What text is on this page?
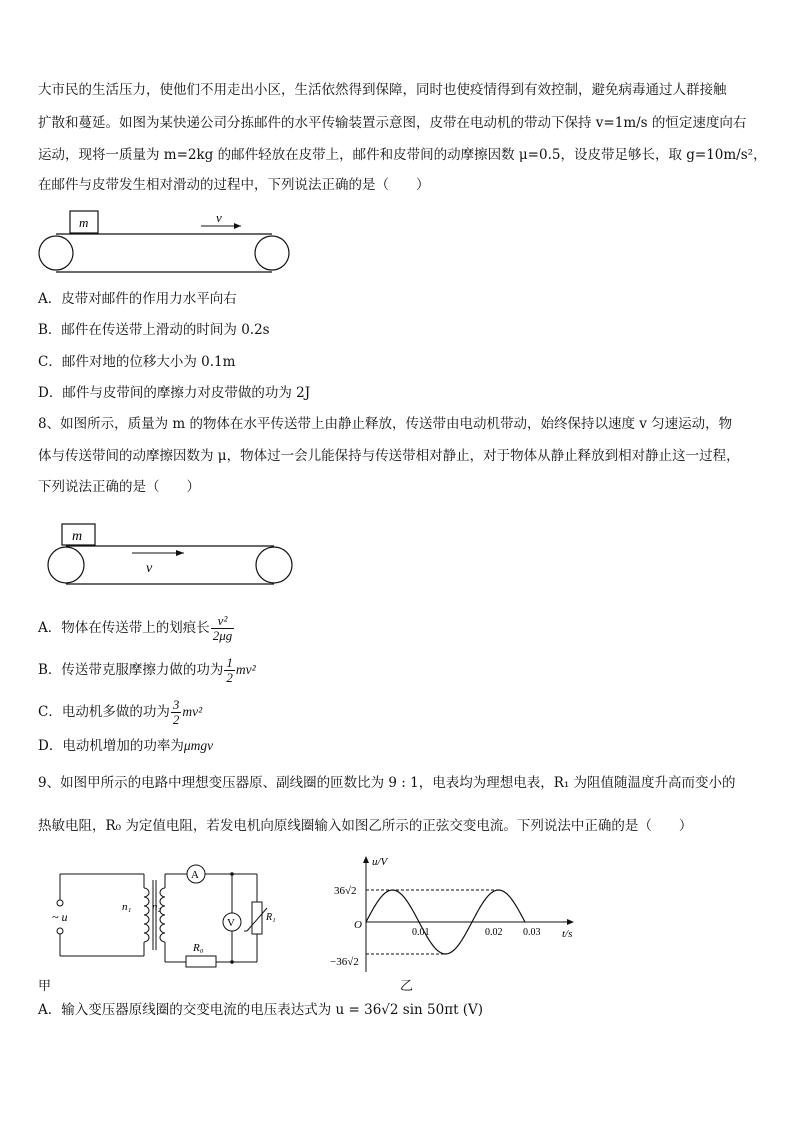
大市民的生活压力，使他们不用走出小区，生活依然得到保障，同时也使疫情得到有效控制，避免病毒通过人群接触
扩散和蔓延。如图为某快递公司分拣邮件的水平传输装置示意图，皮带在电动机的带动下保持 v=1m/s 的恒定速度向右
运动，现将一质量为 m=2kg 的邮件轻放在皮带上，邮件和皮带间的动摩擦因数 μ=0.5，设皮带足够长，取 g=10m/s²，
在邮件与皮带发生相对滑动的过程中，下列说法正确的是（　　）
m	v
A．皮带对邮件的作用力水平向右
B．邮件在传送带上滑动的时间为 0.2s
C．邮件对地的位移大小为 0.1m
D．邮件与皮带间的摩擦力对皮带做的功为 2J
8、如图所示，质量为 m 的物体在水平传送带上由静止释放，传送带由电动机带动，始终保持以速度 v 匀速运动，物
体与传送带间的动摩擦因数为 μ，物体过一会儿能保持与传送带相对静止，对于物体从静止释放到相对静止这一过程，
下列说法正确的是（　　）
m
v
A．物体在传送带上的划痕长 $\frac{\text{v²}}{2\mu g}$
B．传送带克服摩擦力做的功为 $\frac{1}{2} mv^2$
C．电动机多做的功为 $\frac{3}{2} mv^2$
D．电动机增加的功率为μmgv
9、如图甲所示的电路中理想变压器原、副线圈的匝数比为 9 : 1，电表均为理想电表，R₁ 为阻值随温度升高而变小的
热敏电阻，R₀ 为定值电阻，若发电机向原线圈输入如图乙所示的正弦交变电流。下列说法中正确的是（　　）
~ u
n₁ n₂
A
R₀
V	R₁
甲
u/V
t/s
O
36√2
−36√2
0.01	0.02 0.03
乙
A．输入变压器原线圈的交变电流的电压表达式为 u = 36√2 sin 50πt (V)
